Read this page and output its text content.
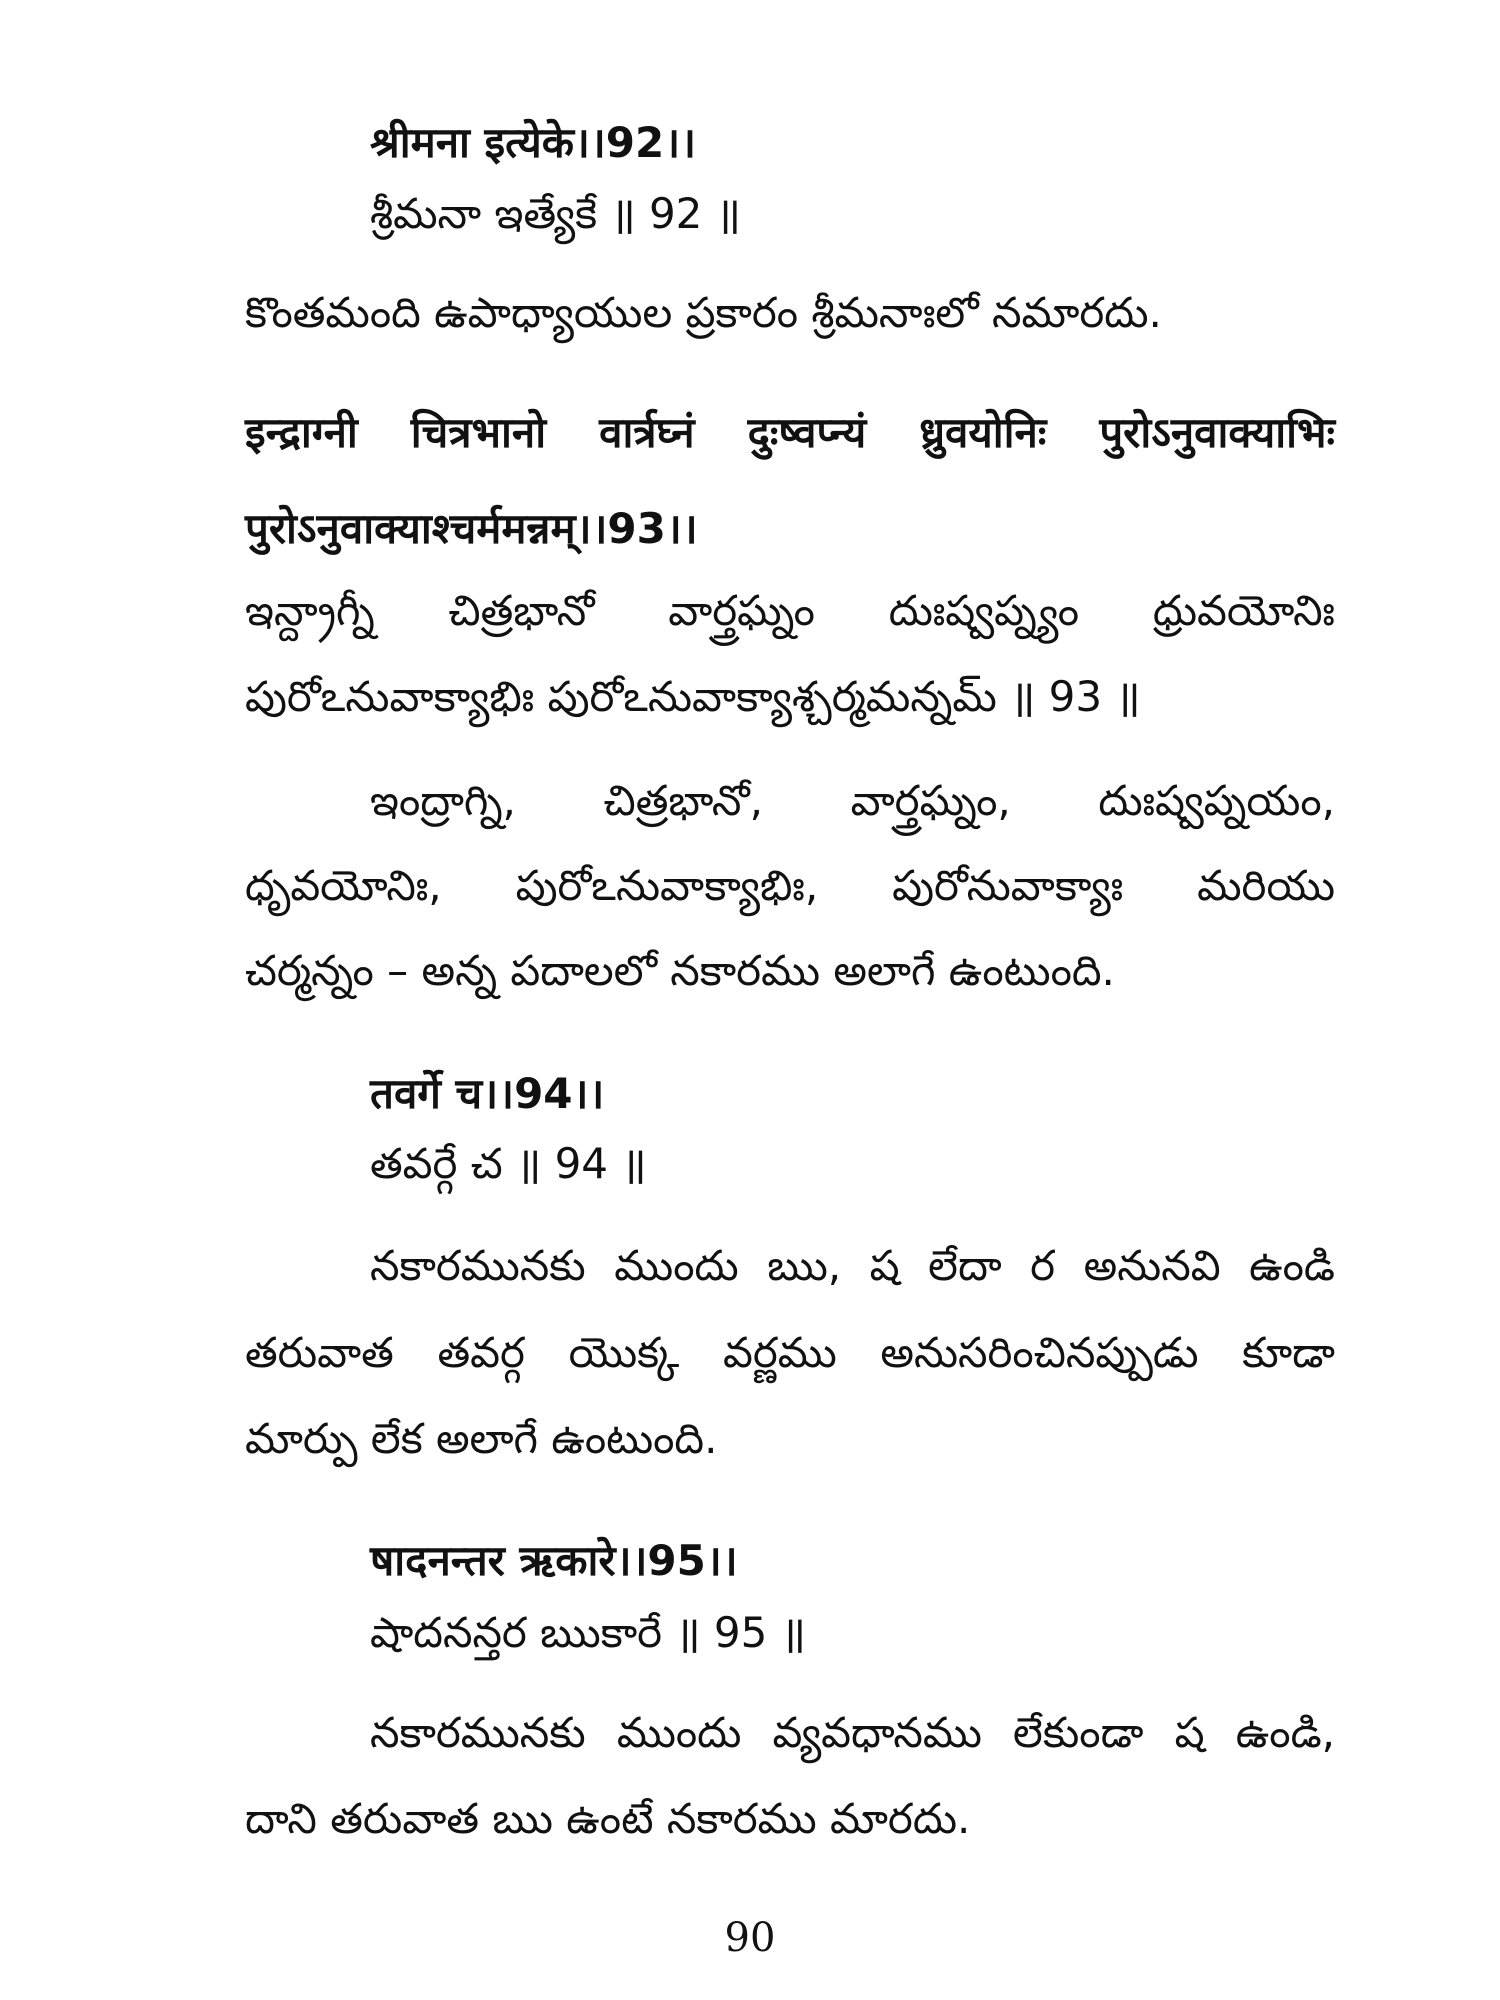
श्रीमना इत्येके।।92।।
శ్రీమనా ఇత్యేకే ॥ 92 ॥
కొంతమంది ఉపాధ్యాయుల ప్రకారం శ్రీమనాఃలో నమారదు.
इन्द्राग्नी चित्रभानो वार्त्रघ्नं दुःष्वप्न्यं ध्रुवयोनिः पुरोऽनुवाक्याभिः
पुरोऽनुवाक्याश्चर्ममन्नम्।।93।।
ఇన్ద్రాగ్నీ చిత్రభానో వార్త్రఘ్నం దుఃష్వప్న్యం ధ్రువయోనిః
పురోఽనువాక్యాభిః పురోఽనువాక్యాశ్చర్మమన్నమ్ ॥ 93 ॥
ఇంద్రాగ్ని, చిత్రభానో, వార్త్రఘ్నం, దుఃష్వప్నయం,
ధృవయోనిః, పురోఽనువాక్యాభిః, పురోనువాక్యాః మరియు
చర్మన్నం – అన్న పదాలలో నకారము అలాగే ఉంటుంది.
तवर्गे च।।94।।
తవర్గే చ ॥ 94 ॥
నకారమునకు ముందు ఋ, ష లేదా ర అనునవి ఉండి
తరువాత తవర్గ యొక్క వర్ణము అనుసరించినప్పుడు కూడా
మార్పు లేక అలాగే ఉంటుంది.
षादनन्तर ऋकारे।।95।।
షాదనన్తర ఋకారే ॥ 95 ॥
నకారమునకు ముందు వ్యవధానము లేకుండా ష ఉండి,
దాని తరువాత ఋ ఉంటే నకారము మారదు.
90
